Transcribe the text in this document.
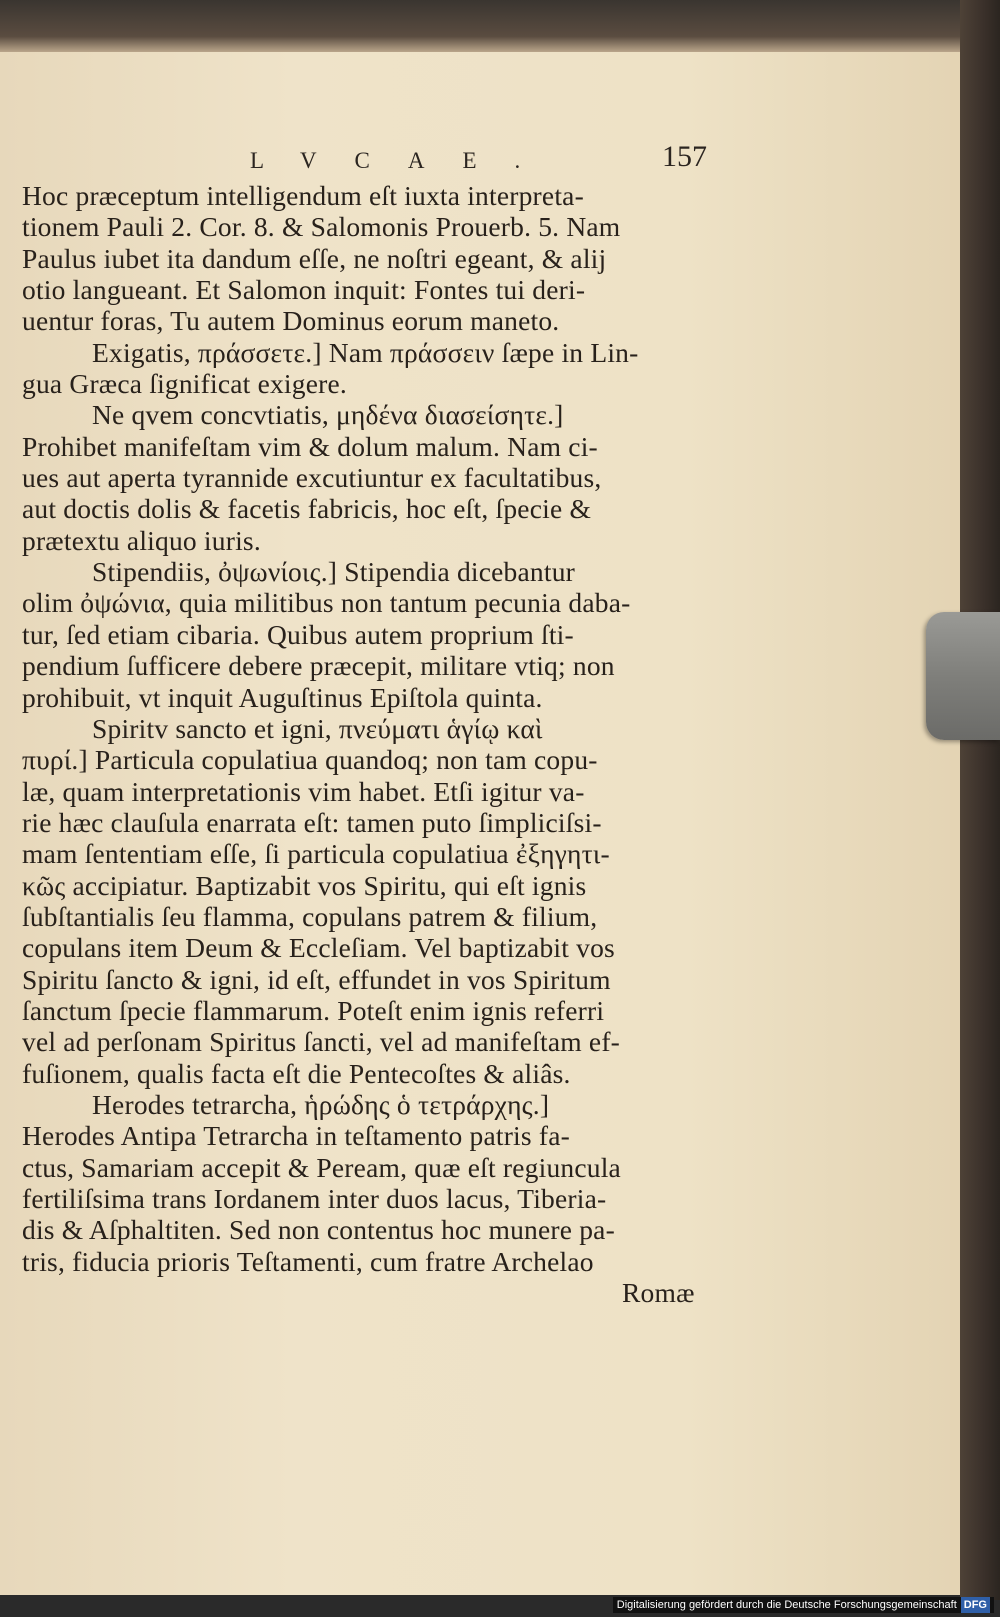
LVCAE.	157
Hoc præceptum intelligendum eſt iuxta interpreta-
tionem Pauli 2. Cor. 8. & Salomonis Prouerb. 5. Nam
Paulus iubet ita dandum eſſe, ne noſtri egeant, & alij
otio langueant. Et Salomon inquit: Fontes tui deri-
uentur foras, Tu autem Dominus eorum maneto.
Exigatis, πράσσετε.] Nam πράσσειν ſæpe in Lin-
gua Græca ſignificat exigere.
Ne qvem concvtiatis, μηδένα διασείσητε.]
Prohibet manifeſtam vim & dolum malum. Nam ci-
ues aut aperta tyrannide excutiuntur ex facultatibus,
aut doctis dolis & facetis fabricis, hoc eſt, ſpecie &
prætextu aliquo iuris.
Stipendiis, ὀψωνίοις.] Stipendia dicebantur
olim ὀψώνια, quia militibus non tantum pecunia daba-
tur, ſed etiam cibaria. Quibus autem proprium ſti-
pendium ſufficere debere præcepit, militare vtiq; non
prohibuit, vt inquit Auguſtinus Epiſtola quinta.
Spiritv sancto et igni, πνεύματι ἁγίῳ καὶ
πυρί.] Particula copulatiua quandoq; non tam copu-
læ, quam interpretationis vim habet. Etſi igitur va-
rie hæc clauſula enarrata eſt: tamen puto ſimpliciſsi-
mam ſententiam eſſe, ſi particula copulatiua ἐξηγητι-
κῶς accipiatur. Baptizabit vos Spiritu, qui eſt ignis
ſubſtantialis ſeu flamma, copulans patrem & filium,
copulans item Deum & Eccleſiam. Vel baptizabit vos
Spiritu ſancto & igni, id eſt, effundet in vos Spiritum
ſanctum ſpecie flammarum. Poteſt enim ignis referri
vel ad perſonam Spiritus ſancti, vel ad manifeſtam ef-
fuſionem, qualis facta eſt die Pentecoſtes & aliâs.
Herodes tetrarcha, ἡρώδης ὁ τετράρχης.]
Herodes Antipa Tetrarcha in teſtamento patris fa-
ctus, Samariam accepit & Peream, quæ eſt regiuncula
fertiliſsima trans Iordanem inter duos lacus, Tiberia-
dis & Aſphaltiten. Sed non contentus hoc munere pa-
tris, fiducia prioris Teſtamenti, cum fratre Archelao
Romæ
Digitalisierung gefördert durch die Deutsche Forschungsgemeinschaft DFG
